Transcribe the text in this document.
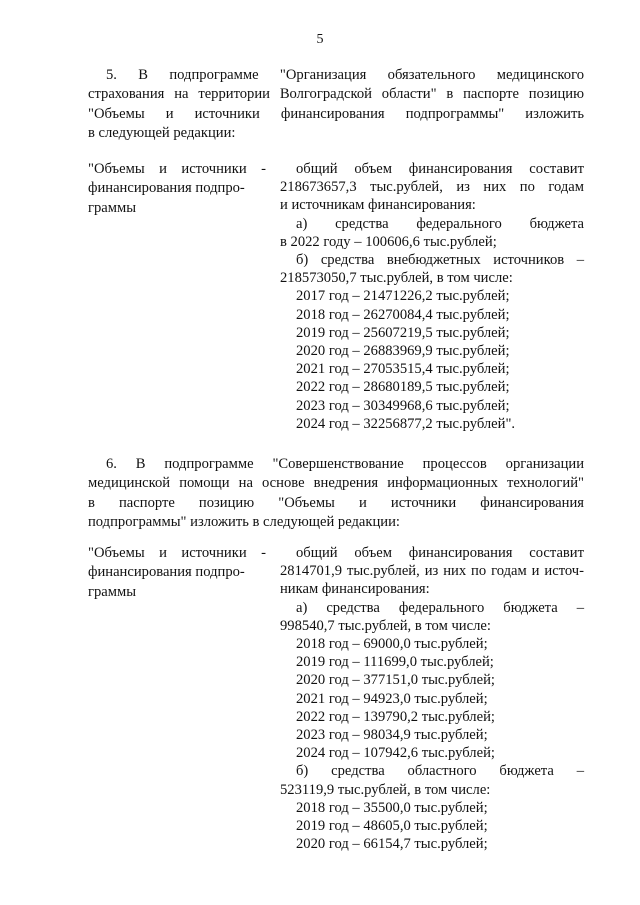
5
5. В подпрограмме "Организация обязательного медицинского
страхования на территории Волгоградской области" в паспорте позицию
"Объемы и источники финансирования подпрограммы" изложить
в следующей редакции:
"Объемы и источники -
финансирования подпро-
граммы
общий объем финансирования составит
218673657,3 тыс.рублей, из них по годам
и источникам финансирования:
а) средства федерального бюджета
в 2022 году – 100606,6 тыс.рублей;
б) средства внебюджетных источников –
218573050,7 тыс.рублей, в том числе:
2017 год – 21471226,2 тыс.рублей;
2018 год – 26270084,4 тыс.рублей;
2019 год – 25607219,5 тыс.рублей;
2020 год – 26883969,9 тыс.рублей;
2021 год – 27053515,4 тыс.рублей;
2022 год – 28680189,5 тыс.рублей;
2023 год – 30349968,6 тыс.рублей;
2024 год – 32256877,2 тыс.рублей".
6. В подпрограмме "Совершенствование процессов организации
медицинской помощи на основе внедрения информационных технологий"
в паспорте позицию "Объемы и источники финансирования
подпрограммы" изложить в следующей редакции:
"Объемы и источники -
финансирования подпро-
граммы
общий объем финансирования составит
2814701,9 тыс.рублей, из них по годам и источ-
никам финансирования:
а) средства федерального бюджета –
998540,7 тыс.рублей, в том числе:
2018 год – 69000,0 тыс.рублей;
2019 год – 111699,0 тыс.рублей;
2020 год – 377151,0 тыс.рублей;
2021 год – 94923,0 тыс.рублей;
2022 год – 139790,2 тыс.рублей;
2023 год – 98034,9 тыс.рублей;
2024 год – 107942,6 тыс.рублей;
б) средства областного бюджета –
523119,9 тыс.рублей, в том числе:
2018 год – 35500,0 тыс.рублей;
2019 год – 48605,0 тыс.рублей;
2020 год – 66154,7 тыс.рублей;
